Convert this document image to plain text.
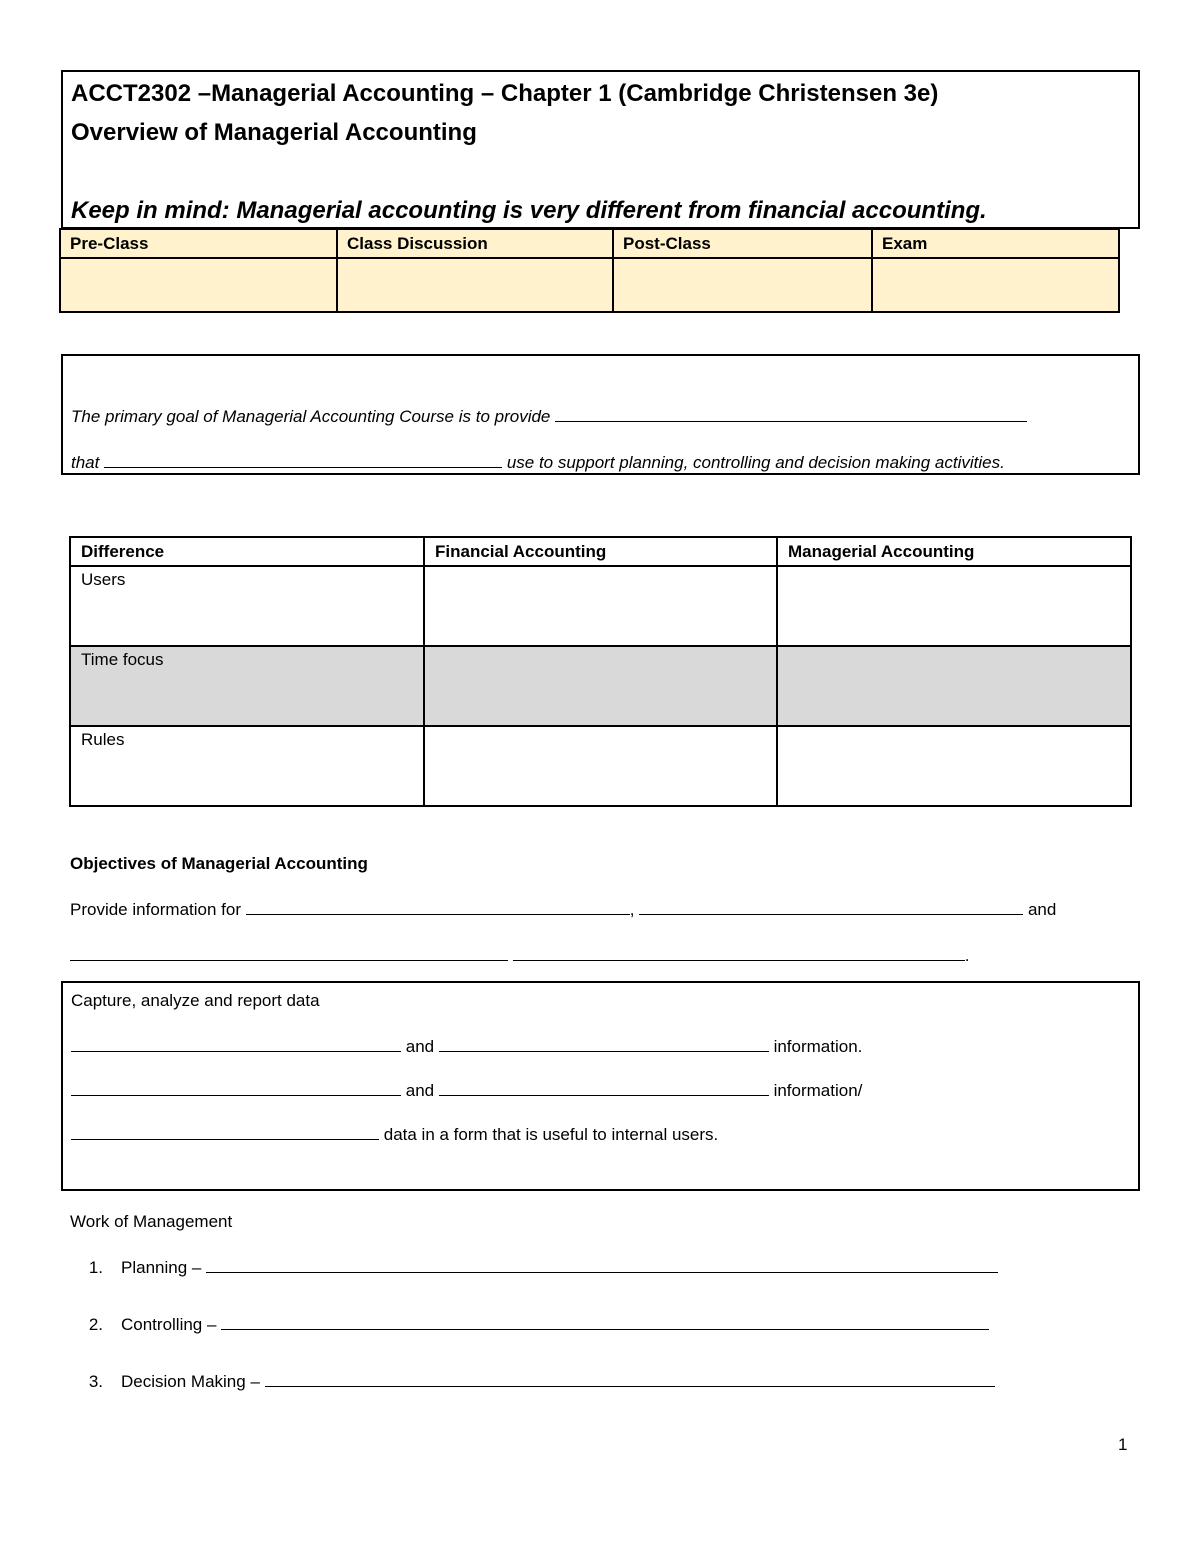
ACCT2302 –Managerial Accounting – Chapter 1 (Cambridge Christensen 3e)
Overview of Managerial Accounting
Keep in mind: Managerial accounting is very different from financial accounting.
Pre-Class	Class Discussion	Post-Class	Exam

The primary goal of Managerial Accounting Course is to provide
that	use to support planning, controlling and decision making activities.
Difference	Financial Accounting	Managerial Accounting
Users		
Time focus		
Rules		
Objectives of Managerial Accounting
Provide information for	,	and
.
Capture, analyze and report data
and	information.
and	information/
data in a form that is useful to internal users.
Work of Management
1. Planning –
2. Controlling –
3. Decision Making –
1
